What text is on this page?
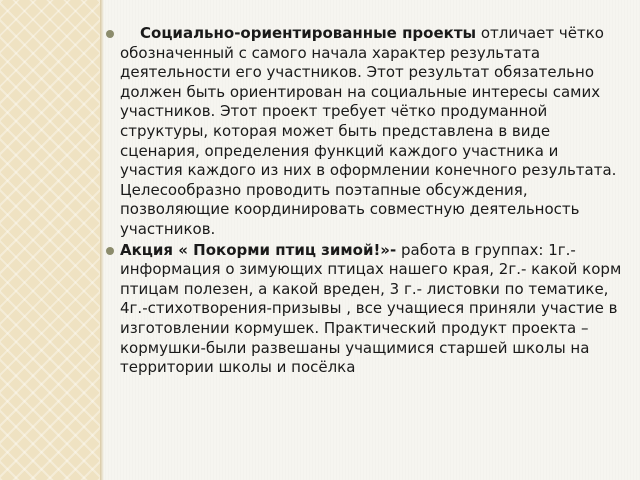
Социально-ориентированные проекты отличает чётко обозначенный с самого начала характер результата деятельности его участников. Этот результат обязательно должен быть ориентирован на социальные интересы самих участников. Этот проект требует чётко продуманной структуры, которая может быть представлена в виде сценария, определения функций каждого участника и участия каждого из них в оформлении конечного результата. Целесообразно проводить поэтапные обсуждения, позволяющие координировать совместную деятельность участников.

Акция « Покорми птиц зимой!»- работа в группах: 1г.-информация о зимующих птицах нашего края, 2г.- какой корм птицам полезен, а какой вреден, 3 г.- листовки по тематике, 4г.-стихотворения-призывы , все учащиеся приняли участие в изготовлении кормушек. Практический продукт проекта –кормушки-были развешаны учащимися старшей школы на территории школы и посёлка
